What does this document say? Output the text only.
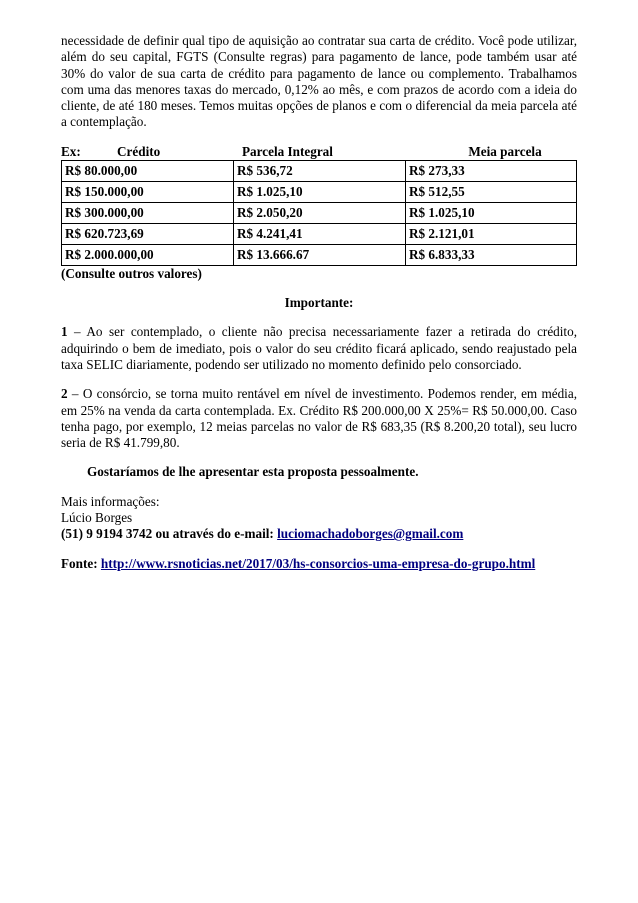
necessidade de definir qual tipo de aquisição ao contratar sua carta de crédito. Você pode utilizar, além do seu capital, FGTS (Consulte regras) para pagamento de lance, pode também usar até 30% do valor de sua carta de crédito para pagamento de lance ou complemento. Trabalhamos com uma das menores taxas do mercado, 0,12% ao mês, e com prazos de acordo com a ideia do cliente, de até 180 meses. Temos muitas opções de planos e com o diferencial da meia parcela até a contemplação.

Ex:	Crédito	Parcela Integral	Meia parcela
R$ 80.000,00	R$ 536,72	R$ 273,33
R$ 150.000,00	R$ 1.025,10	R$ 512,55
R$ 300.000,00	R$ 2.050,20	R$ 1.025,10
R$ 620.723,69	R$ 4.241,41	R$ 2.121,01
R$ 2.000.000,00	R$ 13.666.67	R$ 6.833,33

(Consulte outros valores)

Importante:

1 – Ao ser contemplado, o cliente não precisa necessariamente fazer a retirada do crédito, adquirindo o bem de imediato, pois o valor do seu crédito ficará aplicado, sendo reajustado pela taxa SELIC diariamente, podendo ser utilizado no momento definido pelo consorciado.

2 – O consórcio, se torna muito rentável em nível de investimento. Podemos render, em média, em 25% na venda da carta contemplada. Ex. Crédito R$ 200.000,00 X 25%= R$ 50.000,00. Caso tenha pago, por exemplo, 12 meias parcelas no valor de R$ 683,35 (R$ 8.200,20 total), seu lucro seria de R$ 41.799,80.

Gostaríamos de lhe apresentar esta proposta pessoalmente.

Mais informações:

Lúcio Borges

(51) 9 9194 3742 ou através do e-mail: luciomachadoborges@gmail.com

Fonte: http://www.rsnoticias.net/2017/03/hs-consorcios-uma-empresa-do-grupo.html
